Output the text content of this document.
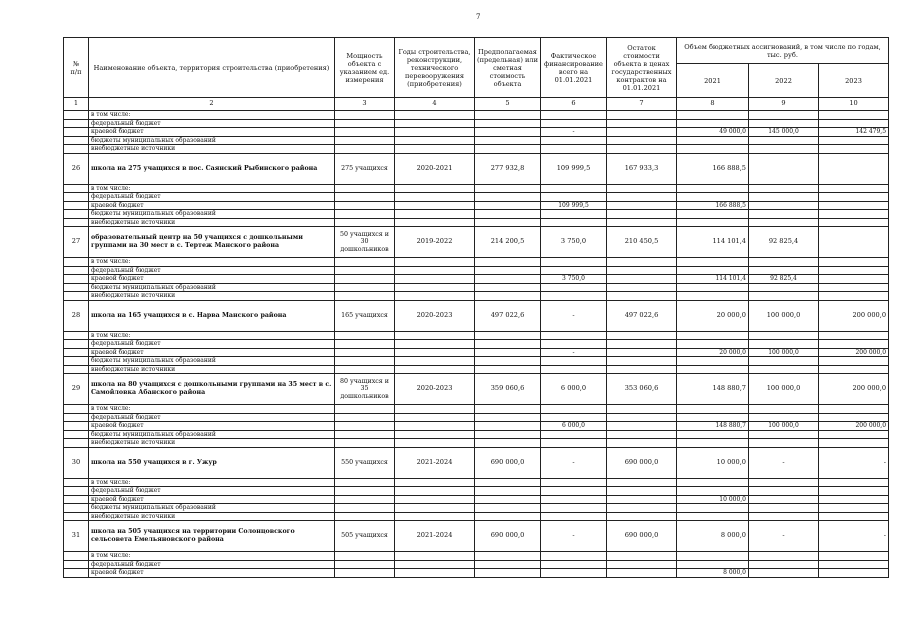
7
№
п/п	Наименование объекта, территория строительства (приобретения)	Мощность объекта с указанием ед. измерения	Годы строительства, реконструкции, технического перевооружения (приобретения)	Предполагаемая (предельная) или сметная стоимость объекта	Фактическое финансирование всего на 01.01.2021	Остаток стоимости объекта в ценах государственных контрактов на 01.01.2021	Объем бюджетных ассигнований, в том числе по годам, тыс. руб.		
							2021	2022	2023
1	2	3	4	5	6	7	8	9	10
	в том числе:								
	федеральный бюджет								
	краевой бюджет				-		49 000,0	145 000,0	142 479,5
	бюджеты муниципальных образований								
	внебюджетные источники								
26	школа на 275 учащихся в пос. Саянский Рыбинского района	275 учащихся	2020-2021	277 932,8	109 999,5	167 933,3	166 888,5		
	в том числе:								
	федеральный бюджет								
	краевой бюджет				109 999,5		166 888,5		
	бюджеты муниципальных образований								
	внебюджетные источники								
27	образовательный центр на 50 учащихся с дошкольными группами на 30 мест в с. Тертеж Манского района	50 учащихся и 30 дошкольников	2019-2022	214 200,5	3 750,0	210 450,5	114 101,4	92 825,4	
	в том числе:								
	федеральный бюджет								
	краевой бюджет				3 750,0		114 101,4	92 825,4	
	бюджеты муниципальных образований								
	внебюджетные источники								
28	школа на 165 учащихся в с. Нарва Манского района	165 учащихся	2020-2023	497 022,6	-	497 022,6	20 000,0	100 000,0	200 000,0
	в том числе:								
	федеральный бюджет								
	краевой бюджет				-		20 000,0	100 000,0	200 000,0
	бюджеты муниципальных образований								
	внебюджетные источники								
29	школа на 80 учащихся с дошкольными группами на 35 мест в с. Самойловка Абанского района	80 учащихся и 35 дошкольников	2020-2023	359 060,6	6 000,0	353 060,6	148 880,7	100 000,0	200 000,0
	в том числе:								
	федеральный бюджет								
	краевой бюджет				6 000,0		148 880,7	100 000,0	200 000,0
	бюджеты муниципальных образований								
	внебюджетные источники								
30	школа на 550 учащихся в г. Ужур	550 учащихся	2021-2024	690 000,0	-	690 000,0	10 000,0	-	-
	в том числе:								
	федеральный бюджет								
	краевой бюджет						10 000,0		
	бюджеты муниципальных образований								
	внебюджетные источники								
31	школа на 505 учащихся на территории Солонцовского сельсовета Емельяновского района	505 учащихся	2021-2024	690 000,0	-	690 000,0	8 000,0	-	-
	в том числе:								
	федеральный бюджет								
	краевой бюджет						8 000,0		
